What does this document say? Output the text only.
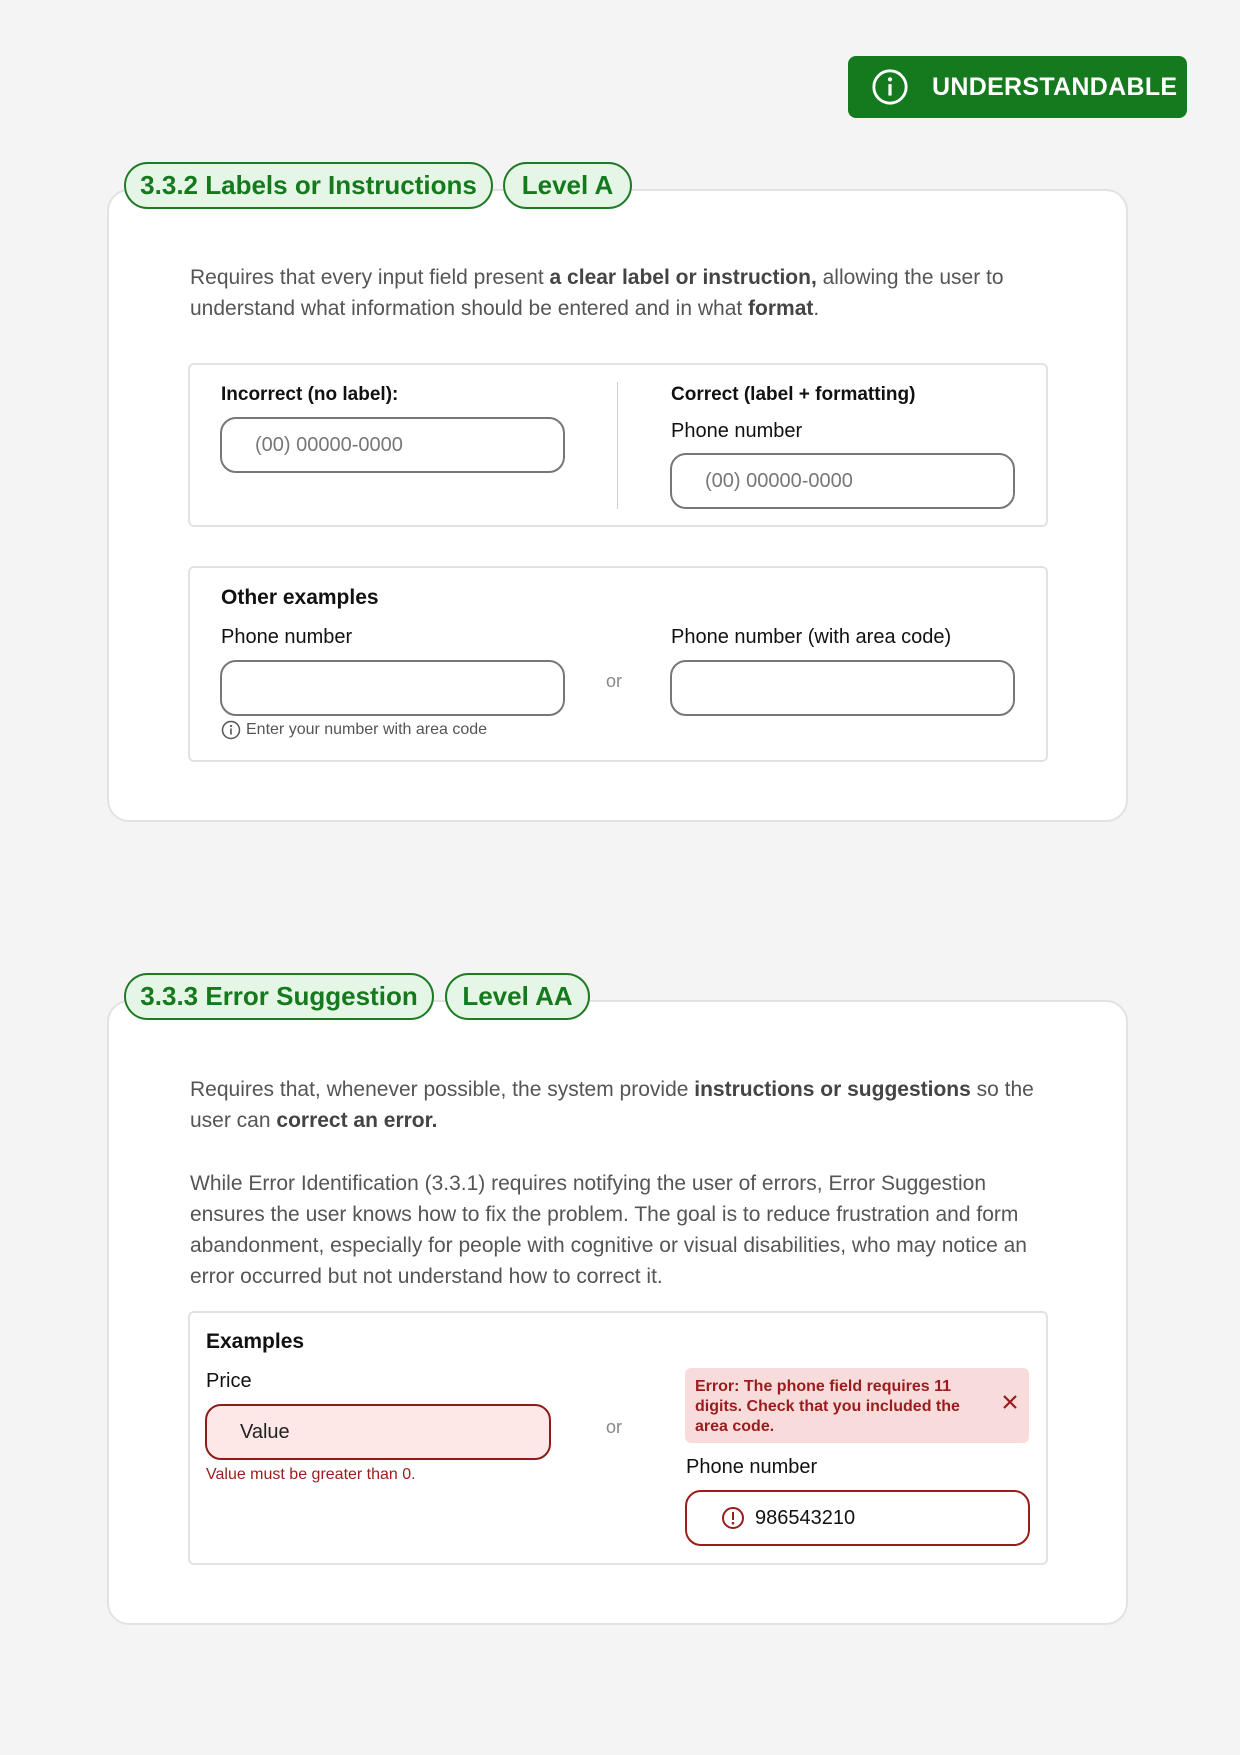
UNDERSTANDABLE
3.3.2 Labels or Instructions	Level A
Requires that every input field present a clear label or instruction, allowing the user to understand what information should be entered and in what format.
Incorrect (no label):
(00) 00000-0000
Correct (label + formatting)
Phone number
(00) 00000-0000
Other examples
Phone number
Enter your number with area code
or
Phone number (with area code)
3.3.3 Error Suggestion	Level AA
Requires that, whenever possible, the system provide instructions or suggestions so the user can correct an error.
While Error Identification (3.3.1) requires notifying the user of errors, Error Suggestion ensures the user knows how to fix the problem. The goal is to reduce frustration and form abandonment, especially for people with cognitive or visual disabilities, who may notice an error occurred but not understand how to correct it.
Examples
Price
Value
Value must be greater than 0.
or
Error: The phone field requires 11 digits. Check that you included the area code.
Phone number
986543210
